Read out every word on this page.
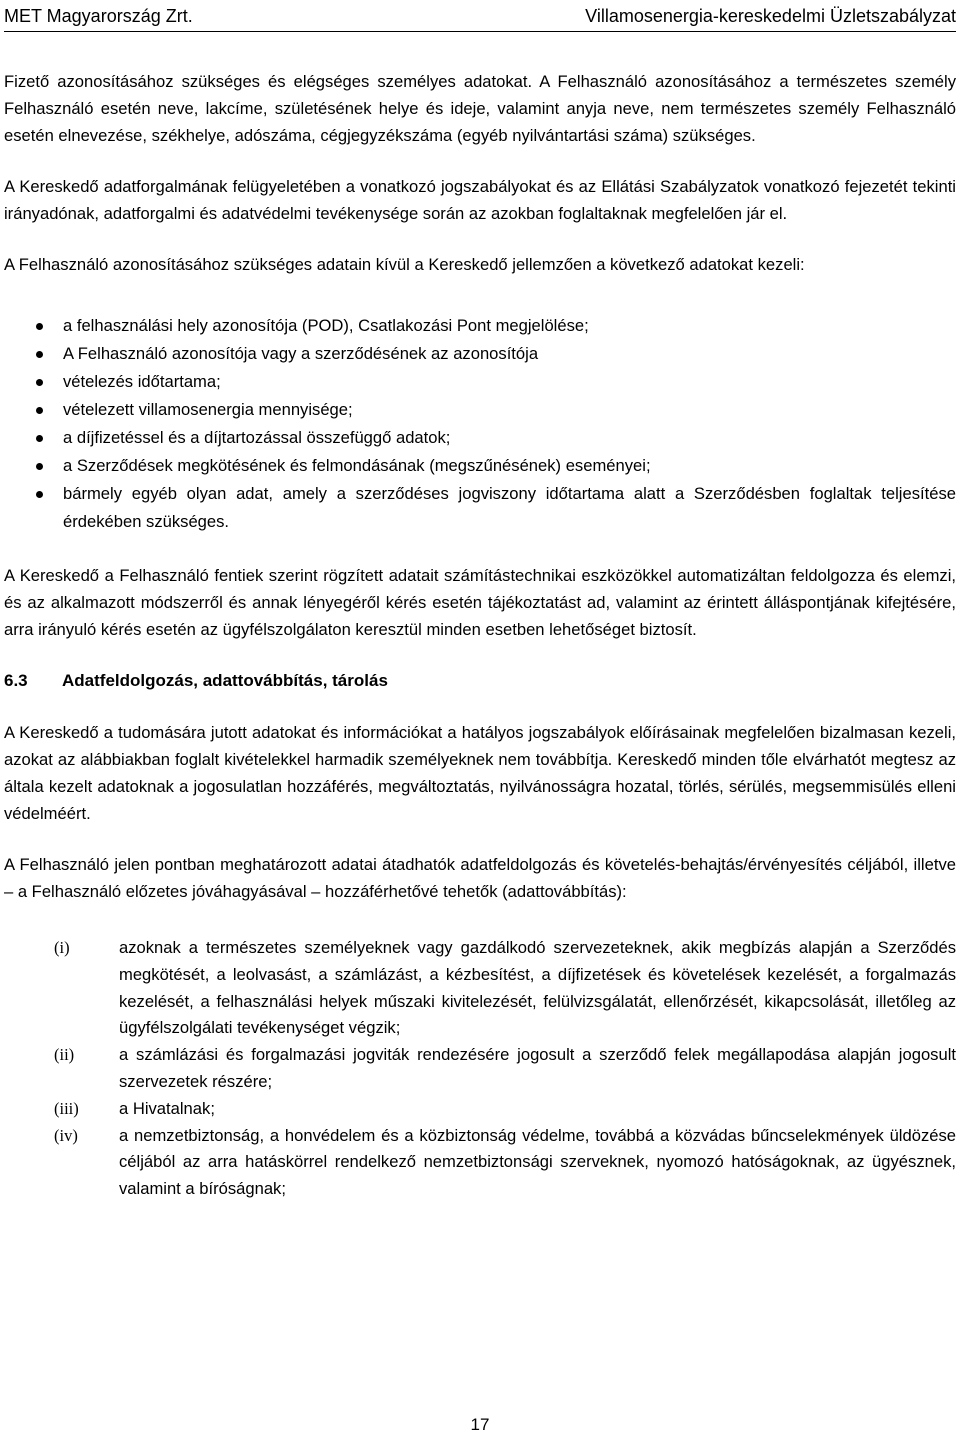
MET Magyarország Zrt.	Villamosenergia-kereskedelmi Üzletszabályzat

Fizető azonosításához szükséges és elégséges személyes adatokat. A Felhasználó azonosításához a természetes személy Felhasználó esetén neve, lakcíme, születésének helye és ideje, valamint anyja neve, nem természetes személy Felhasználó esetén elnevezése, székhelye, adószáma, cégjegyzékszáma (egyéb nyilvántartási száma) szükséges.

A Kereskedő adatforgalmának felügyeletében a vonatkozó jogszabályokat és az Ellátási Szabályzatok vonatkozó fejezetét tekinti irányadónak, adatforgalmi és adatvédelmi tevékenysége során az azokban foglaltaknak megfelelően jár el.

A Felhasználó azonosításához szükséges adatain kívül a Kereskedő jellemzően a következő adatokat kezeli:

a felhasználási hely azonosítója (POD), Csatlakozási Pont megjelölése;
A Felhasználó azonosítója vagy a szerződésének az azonosítója
vételezés időtartama;
vételezett villamosenergia mennyisége;
a díjfizetéssel és a díjtartozással összefüggő adatok;
a Szerződések megkötésének és felmondásának (megszűnésének) eseményei;
bármely egyéb olyan adat, amely a szerződéses jogviszony időtartama alatt a Szerződésben foglaltak teljesítése érdekében szükséges.

A Kereskedő a Felhasználó fentiek szerint rögzített adatait számítástechnikai eszközökkel automatizáltan feldolgozza és elemzi, és az alkalmazott módszerről és annak lényegéről kérés esetén tájékoztatást ad, valamint az érintett álláspontjának kifejtésére, arra irányuló kérés esetén az ügyfélszolgálaton keresztül minden esetben lehetőséget biztosít.

6.3	Adatfeldolgozás, adattovábbítás, tárolás

A Kereskedő a tudomására jutott adatokat és információkat a hatályos jogszabályok előírásainak megfelelően bizalmasan kezeli, azokat az alábbiakban foglalt kivételekkel harmadik személyeknek nem továbbítja. Kereskedő minden tőle elvárhatót megtesz az általa kezelt adatoknak a jogosulatlan hozzáférés, megváltoztatás, nyilvánosságra hozatal, törlés, sérülés, megsemmisülés elleni védelméért.

A Felhasználó jelen pontban meghatározott adatai átadhatók adatfeldolgozás és követelés-behajtás/érvényesítés céljából, illetve – a Felhasználó előzetes jóváhagyásával – hozzáférhetővé tehetők (adattovábbítás):

(i)	azoknak a természetes személyeknek vagy gazdálkodó szervezeteknek, akik megbízás alapján a Szerződés megkötését, a leolvasást, a számlázást, a kézbesítést, a díjfizetések és követelések kezelését, a forgalmazás kezelését, a felhasználási helyek műszaki kivitelezését, felülvizsgálatát, ellenőrzését, kikapcsolását, illetőleg az ügyfélszolgálati tevékenységet végzik;
(ii)	a számlázási és forgalmazási jogviták rendezésére jogosult a szerződő felek megállapodása alapján jogosult szervezetek részére;
(iii)	a Hivatalnak;
(iv)	a nemzetbiztonság, a honvédelem és a közbiztonság védelme, továbbá a közvádas bűncselekmények üldözése céljából az arra hatáskörrel rendelkező nemzetbiztonsági szerveknek, nyomozó hatóságoknak, az ügyésznek, valamint a bíróságnak;
17
